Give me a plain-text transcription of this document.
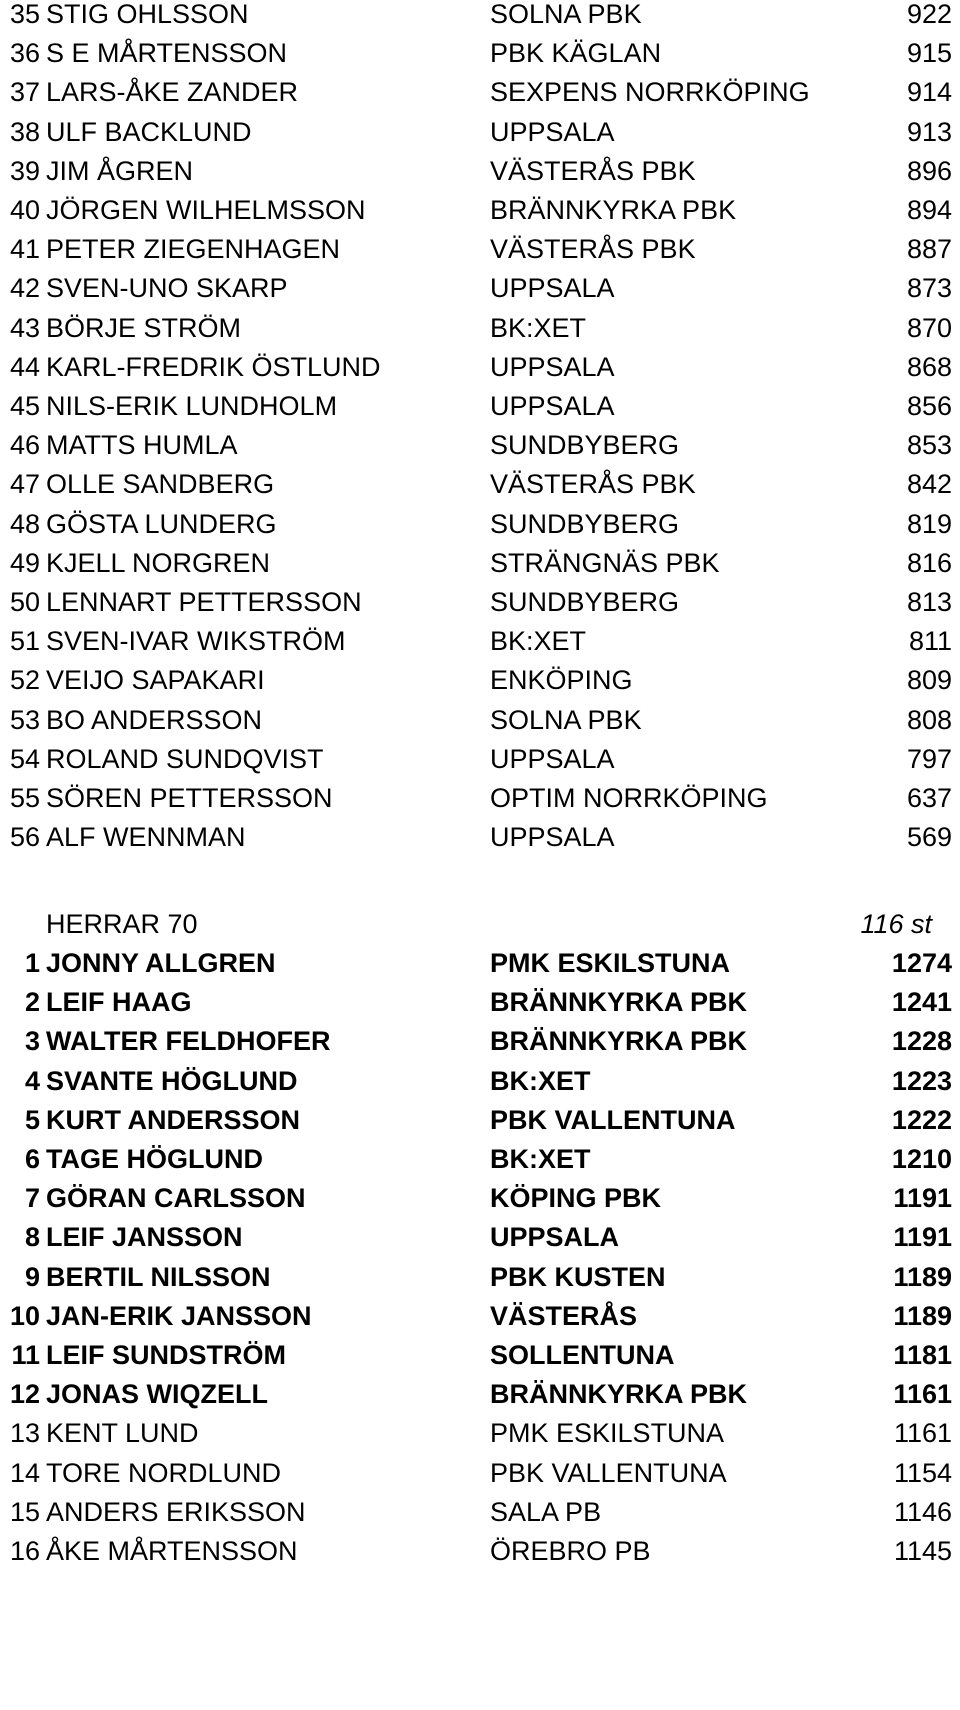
35 STIG OHLSSON	SOLNA PBK	922
36 S E MÅRTENSSON	PBK KÄGLAN	915
37 LARS-ÅKE ZANDER	SEXPENS NORRKÖPING	914
38 ULF BACKLUND	UPPSALA	913
39 JIM ÅGREN	VÄSTERÅS PBK	896
40 JÖRGEN WILHELMSSON	BRÄNNKYRKA PBK	894
41 PETER ZIEGENHAGEN	VÄSTERÅS PBK	887
42 SVEN-UNO SKARP	UPPSALA	873
43 BÖRJE STRÖM	BK:XET	870
44 KARL-FREDRIK ÖSTLUND	UPPSALA	868
45 NILS-ERIK LUNDHOLM	UPPSALA	856
46 MATTS HUMLA	SUNDBYBERG	853
47 OLLE SANDBERG	VÄSTERÅS PBK	842
48 GÖSTA LUNDERG	SUNDBYBERG	819
49 KJELL NORGREN	STRÄNGNÄS PBK	816
50 LENNART PETTERSSON	SUNDBYBERG	813
51 SVEN-IVAR WIKSTRÖM	BK:XET	811
52 VEIJO SAPAKARI	ENKÖPING	809
53 BO ANDERSSON	SOLNA PBK	808
54 ROLAND SUNDQVIST	UPPSALA	797
55 SÖREN PETTERSSON	OPTIM NORRKÖPING	637
56 ALF WENNMAN	UPPSALA	569
HERRAR 70	116 st
1 JONNY ALLGREN	PMK ESKILSTUNA	1274
2 LEIF HAAG	BRÄNNKYRKA PBK	1241
3 WALTER FELDHOFER	BRÄNNKYRKA PBK	1228
4 SVANTE HÖGLUND	BK:XET	1223
5 KURT ANDERSSON	PBK VALLENTUNA	1222
6 TAGE HÖGLUND	BK:XET	1210
7 GÖRAN CARLSSON	KÖPING PBK	1191
8 LEIF JANSSON	UPPSALA	1191
9 BERTIL NILSSON	PBK KUSTEN	1189
10 JAN-ERIK JANSSON	VÄSTERÅS	1189
11 LEIF SUNDSTRÖM	SOLLENTUNA	1181
12 JONAS WIQZELL	BRÄNNKYRKA PBK	1161
13 KENT LUND	PMK ESKILSTUNA	1161
14 TORE NORDLUND	PBK VALLENTUNA	1154
15 ANDERS ERIKSSON	SALA PB	1146
16 ÅKE MÅRTENSSON	ÖREBRO PB	1145
